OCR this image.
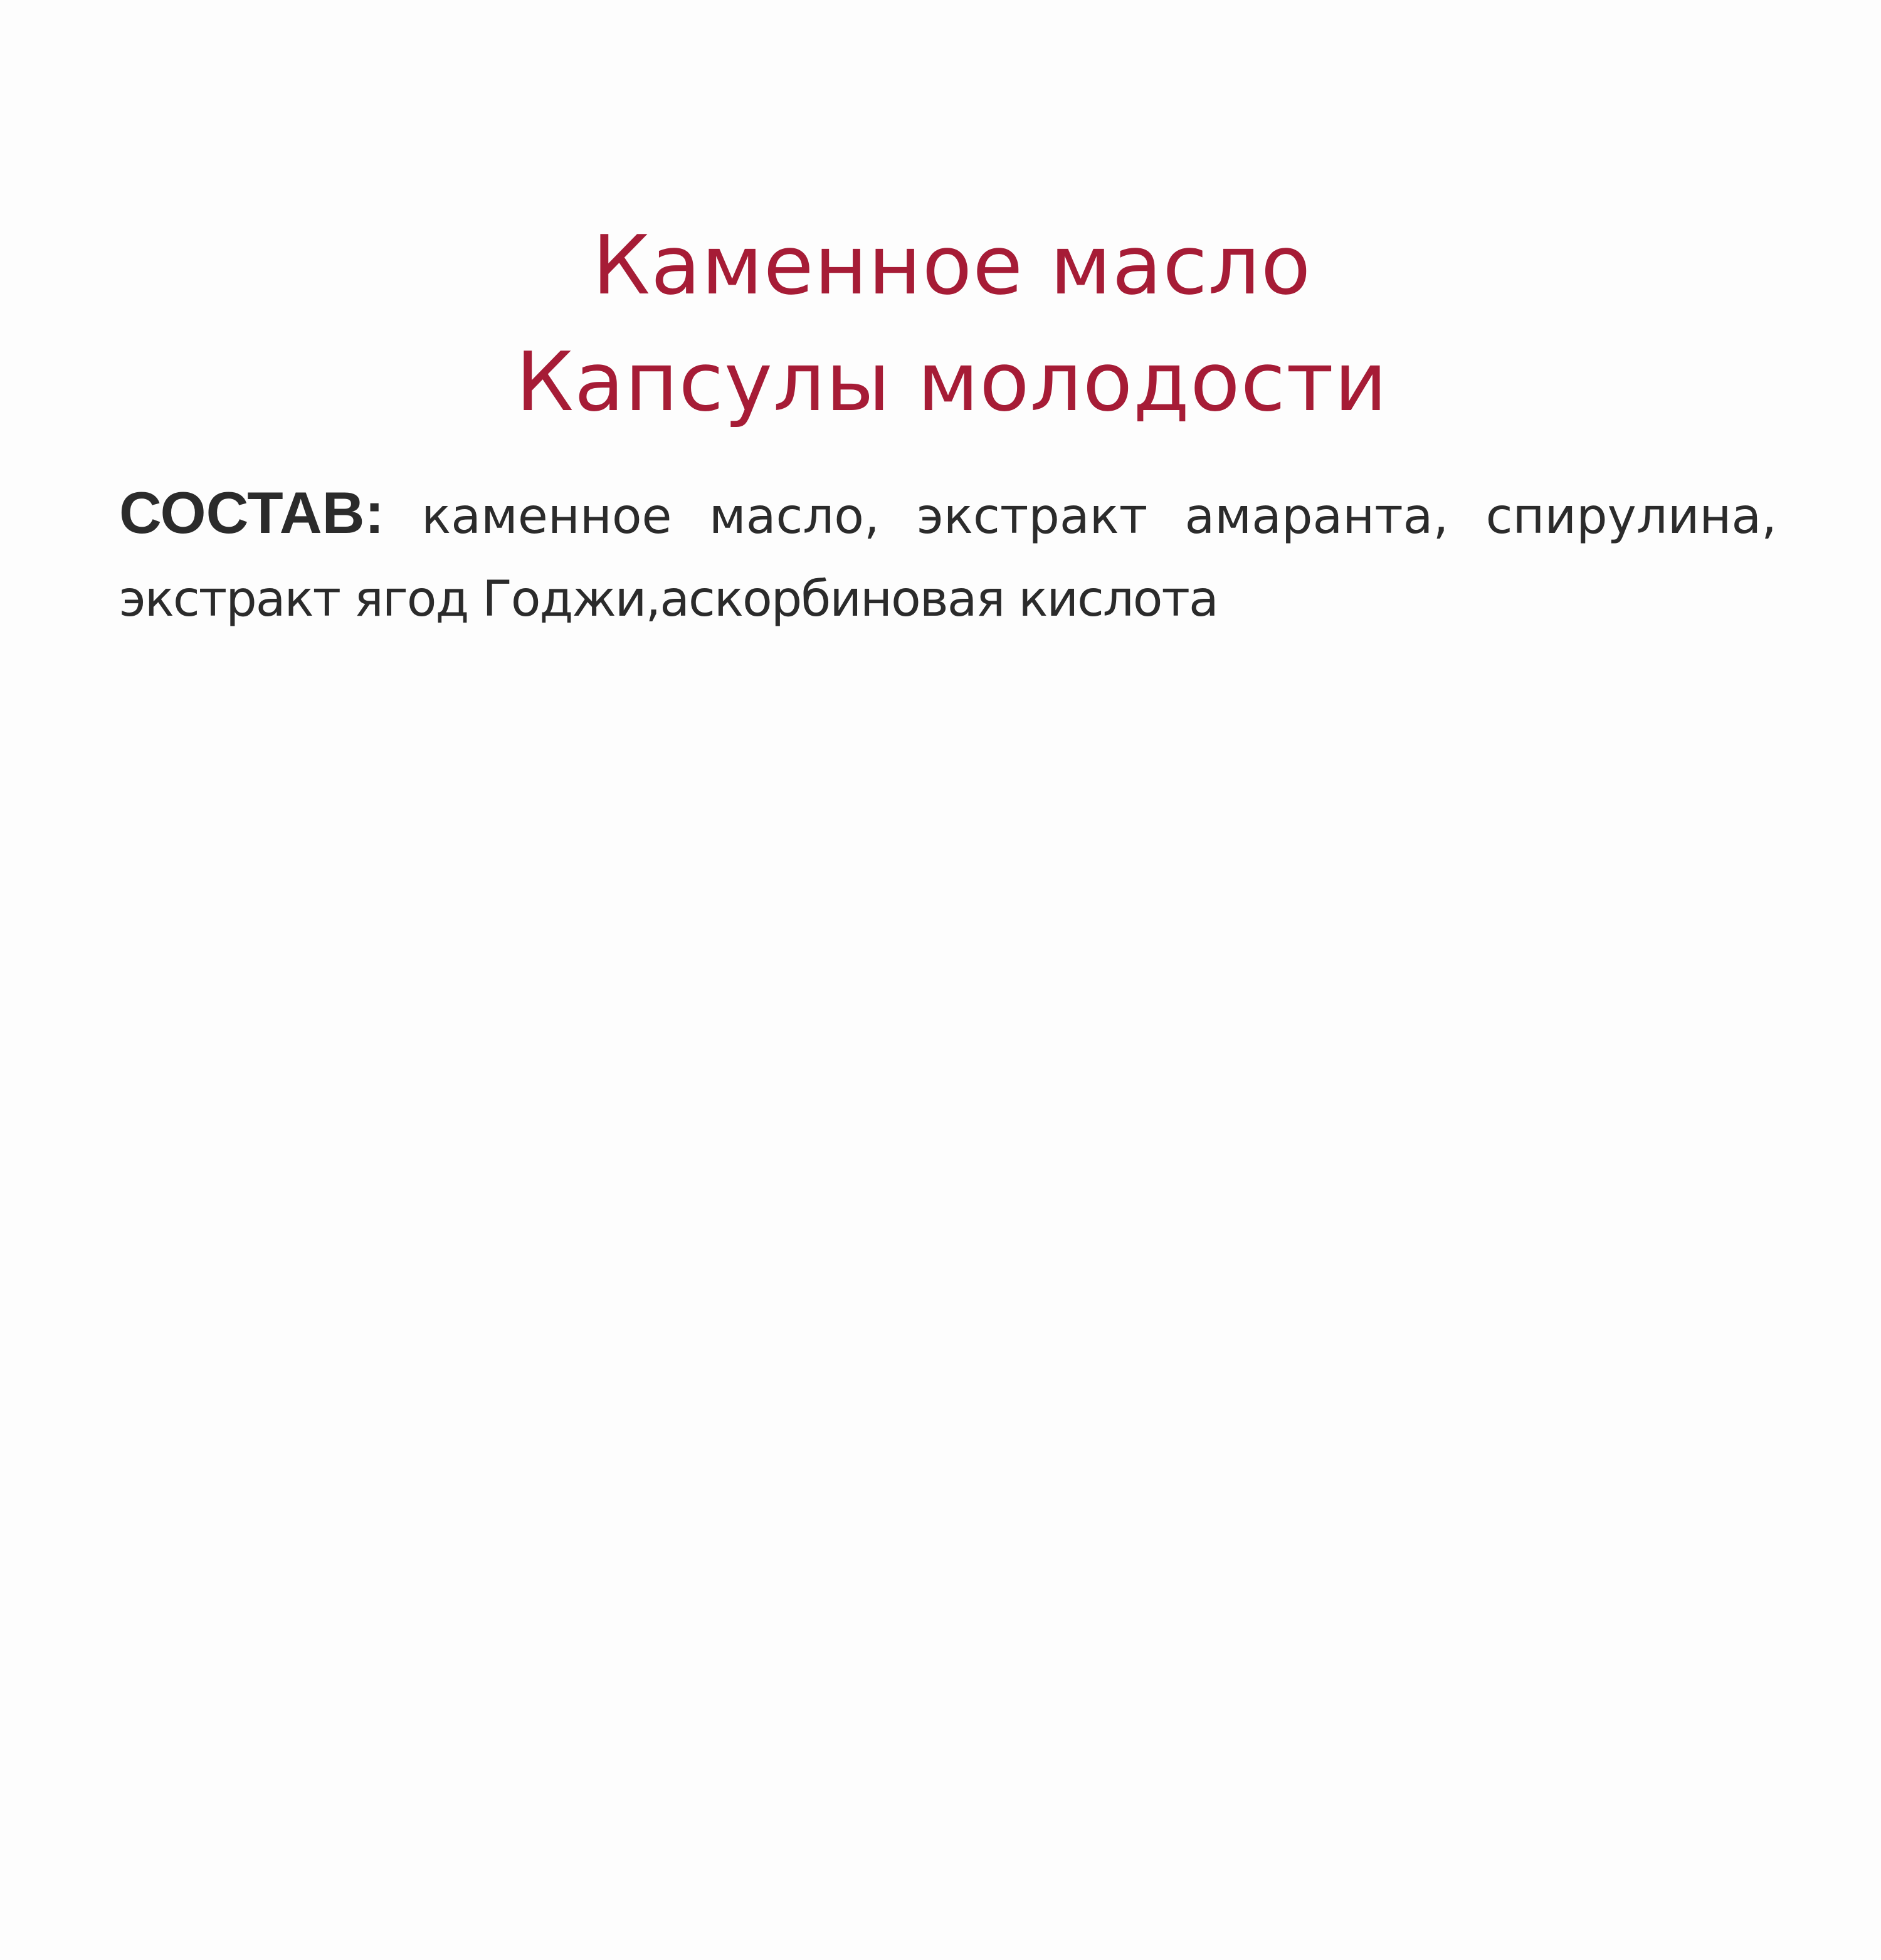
Каменное масло
Капсулы молодости
СОСТАВ: каменное масло, экстракт амаранта, спирулина,
экстракт ягод Годжи,аскорбиновая кислота
